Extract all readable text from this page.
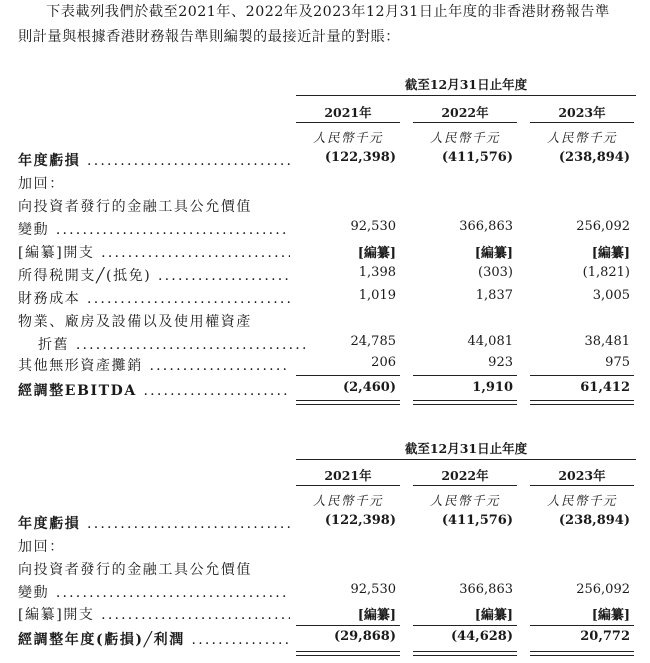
下表載列我們於截至2021年、2022年及2023年12月31日止年度的非香港財務報告準
則計量與根據香港財務報告準則編製的最接近計量的對賬：
截至12月31日止年度
2021年	2022年	2023年
人民幣千元	人民幣千元	人民幣千元
年度虧損 .....	(122,398)	(411,576)	(238,894)
加回：
向投資者發行的金融工具公允價值
變動 .....	92,530	366,863	256,092
[編纂]開支 .....	[編纂]	[編纂]	[編纂]
所得税開支╱(抵免) .....	1,398	(303)	(1,821)
財務成本 .....	1,019	1,837	3,005
物業、廠房及設備以及使用權資產
折舊 .....	24,785	44,081	38,481
其他無形資產攤銷 .....	206	923	975
經調整EBITDA .....	(2,460)	1,910	61,412
截至12月31日止年度
2021年	2022年	2023年
人民幣千元	人民幣千元	人民幣千元
年度虧損 .....	(122,398)	(411,576)	(238,894)
加回：
向投資者發行的金融工具公允價值
變動 .....	92,530	366,863	256,092
[編纂]開支 .....	[編纂]	[編纂]	[編纂]
經調整年度(虧損)╱利潤 .....	(29,868)	(44,628)	20,772
